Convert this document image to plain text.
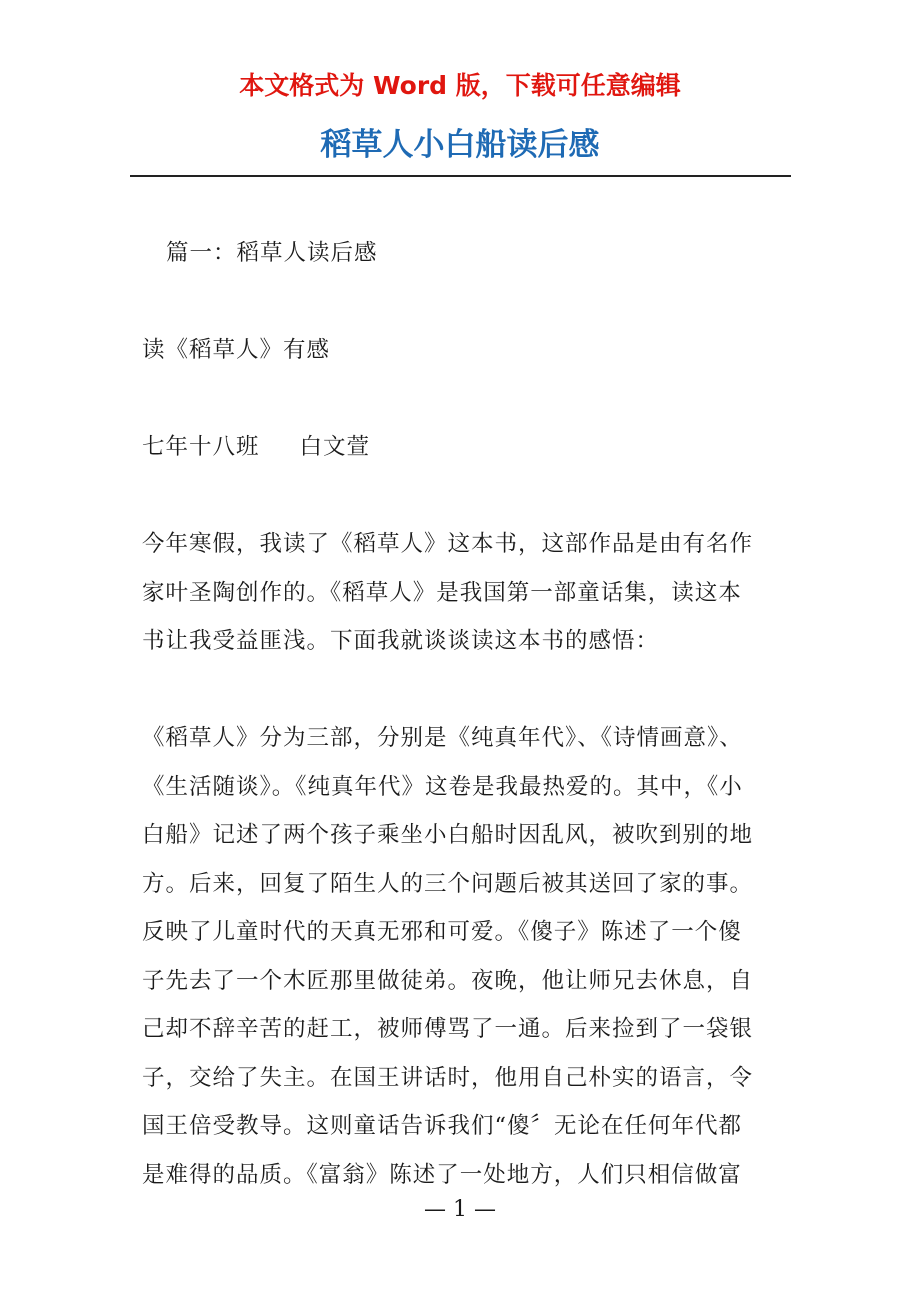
本文格式为 Word 版，下载可任意编辑
稻草人小白船读后感

篇一：稻草人读后感

读《稻草人》有感

七年十八班 白文萱

今年寒假，我读了《稻草人》这本书，这部作品是由有名作
家叶圣陶创作的。《稻草人》是我国第一部童话集，读这本
书让我受益匪浅。下面我就谈谈读这本书的感悟：

《稻草人》分为三部，分别是《纯真年代》、《诗情画意》、
《生活随谈》。《纯真年代》这卷是我最热爱的。其中，《小
白船》记述了两个孩子乘坐小白船时因乱风，被吹到别的地
方。后来，回复了陌生人的三个问题后被其送回了家的事。
反映了儿童时代的天真无邪和可爱。《傻子》陈述了一个傻
子先去了一个木匠那里做徒弟。夜晚，他让师兄去休息，自
己却不辞辛苦的赶工，被师傅骂了一通。后来捡到了一袋银
子，交给了失主。在国王讲话时，他用自己朴实的语言，令
国王倍受教导。这则童话告诉我们“傻〞无论在任何年代都
是难得的品质。《富翁》陈述了一处地方，人们只相信做富

— 1 —
